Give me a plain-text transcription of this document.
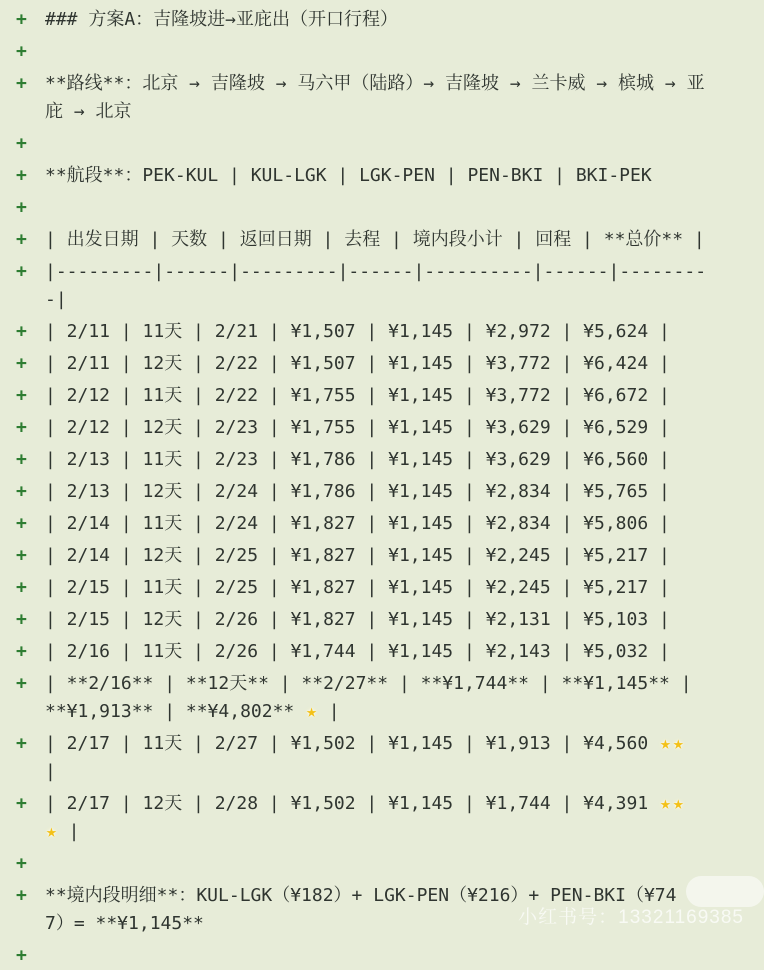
+	### 方案A：吉隆坡进→亚庇出（开口行程）
+
+	**路线**：北京 → 吉隆坡 → 马六甲（陆路）→ 吉隆坡 → 兰卡威 → 槟城 → 亚
庇 → 北京
+
+	**航段**：PEK-KUL | KUL-LGK | LGK-PEN | PEN-BKI | BKI-PEK
+
+	| 出发日期 | 天数 | 返回日期 | 去程 | 境内段小计 | 回程 | **总价** |
+	|---------|------|---------|------|----------|------|--------
-|
+	| 2/11 | 11天 | 2/21 | ¥1,507 | ¥1,145 | ¥2,972 | ¥5,624 |
+	| 2/11 | 12天 | 2/22 | ¥1,507 | ¥1,145 | ¥3,772 | ¥6,424 |
+	| 2/12 | 11天 | 2/22 | ¥1,755 | ¥1,145 | ¥3,772 | ¥6,672 |
+	| 2/12 | 12天 | 2/23 | ¥1,755 | ¥1,145 | ¥3,629 | ¥6,529 |
+	| 2/13 | 11天 | 2/23 | ¥1,786 | ¥1,145 | ¥3,629 | ¥6,560 |
+	| 2/13 | 12天 | 2/24 | ¥1,786 | ¥1,145 | ¥2,834 | ¥5,765 |
+	| 2/14 | 11天 | 2/24 | ¥1,827 | ¥1,145 | ¥2,834 | ¥5,806 |
+	| 2/14 | 12天 | 2/25 | ¥1,827 | ¥1,145 | ¥2,245 | ¥5,217 |
+	| 2/15 | 11天 | 2/25 | ¥1,827 | ¥1,145 | ¥2,245 | ¥5,217 |
+	| 2/15 | 12天 | 2/26 | ¥1,827 | ¥1,145 | ¥2,131 | ¥5,103 |
+	| 2/16 | 11天 | 2/26 | ¥1,744 | ¥1,145 | ¥2,143 | ¥5,032 |
+	| **2/16** | **12天** | **2/27** | **¥1,744** | **¥1,145** |
**¥1,913** | **¥4,802** ★ |
+	| 2/17 | 11天 | 2/27 | ¥1,502 | ¥1,145 | ¥1,913 | ¥4,560 ★ ★
|
+	| 2/17 | 12天 | 2/28 | ¥1,502 | ¥1,145 | ¥1,744 | ¥4,391 ★ ★
★ |
+
+	**境内段明细**：KUL-LGK（¥182）+ LGK-PEN（¥216）+ PEN-BKI（¥74
7）= **¥1,145**
+
小红书号：13321169385
